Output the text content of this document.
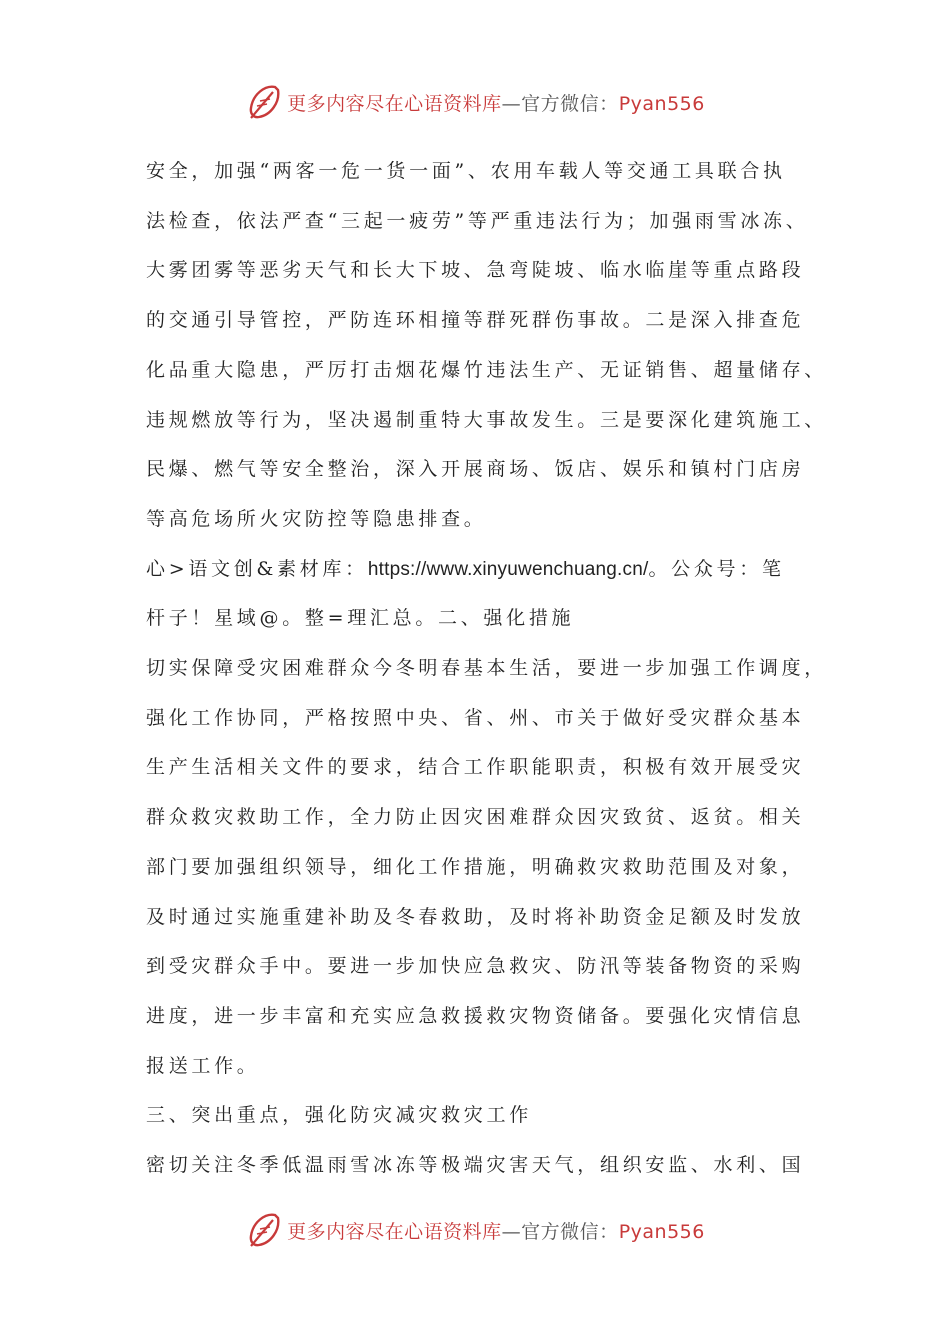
更多内容尽在心语资料库—官方微信：Pyan556

安全，加强“两客一危一货一面”、农用车载人等交通工具联合执

法检查，依法严查“三起一疲劳”等严重违法行为；加强雨雪冰冻、

大雾团雾等恶劣天气和长大下坡、急弯陡坡、临水临崖等重点路段

的交通引导管控，严防连环相撞等群死群伤事故。二是深入排查危

化品重大隐患，严厉打击烟花爆竹违法生产、无证销售、超量储存、

违规燃放等行为，坚决遏制重特大事故发生。三是要深化建筑施工、

民爆、燃气等安全整治，深入开展商场、饭店、娱乐和镇村门店房

等高危场所火灾防控等隐患排查。

心>语文创&素材库：https://www.xinyuwenchuang.cn/。公众号：笔

杆子！星域@。整=理汇总。二、强化措施

切实保障受灾困难群众今冬明春基本生活，要进一步加强工作调度，

强化工作协同，严格按照中央、省、州、市关于做好受灾群众基本

生产生活相关文件的要求，结合工作职能职责，积极有效开展受灾

群众救灾救助工作，全力防止因灾困难群众因灾致贫、返贫。相关

部门要加强组织领导，细化工作措施，明确救灾救助范围及对象，

及时通过实施重建补助及冬春救助，及时将补助资金足额及时发放

到受灾群众手中。要进一步加快应急救灾、防汛等装备物资的采购

进度，进一步丰富和充实应急救援救灾物资储备。要强化灾情信息

报送工作。

三、突出重点，强化防灾减灾救灾工作

密切关注冬季低温雨雪冰冻等极端灾害天气，组织安监、水利、国

更多内容尽在心语资料库—官方微信：Pyan556
